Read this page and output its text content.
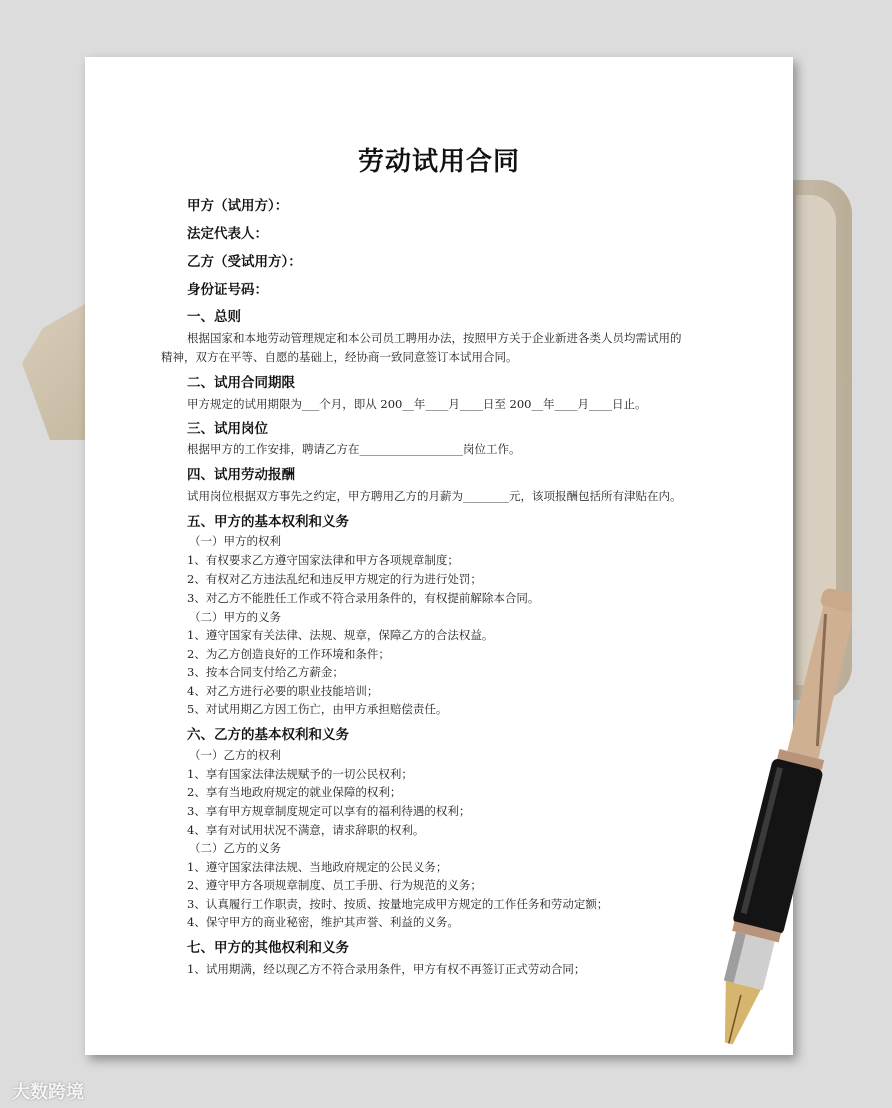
劳动试用合同
甲方（试用方）：
法定代表人：
乙方（受试用方）：
身份证号码：
一、总则
根据国家和本地劳动管理规定和本公司员工聘用办法，按照甲方关于企业新进各类人员均需试用的
精神，双方在平等、自愿的基础上，经协商一致同意签订本试用合同。
二、试用合同期限
甲方规定的试用期限为___个月，即从 200__年____月____日至 200__年____月____日止。
三、试用岗位
根据甲方的工作安排，聘请乙方在__________________岗位工作。
四、试用劳动报酬
试用岗位根据双方事先之约定，甲方聘用乙方的月薪为________元，该项报酬包括所有津贴在内。
五、甲方的基本权利和义务
（一）甲方的权利
1、有权要求乙方遵守国家法律和甲方各项规章制度；
2、有权对乙方违法乱纪和违反甲方规定的行为进行处罚；
3、对乙方不能胜任工作或不符合录用条件的，有权提前解除本合同。
（二）甲方的义务
1、遵守国家有关法律、法规、规章，保障乙方的合法权益。
2、为乙方创造良好的工作环境和条件；
3、按本合同支付给乙方薪金；
4、对乙方进行必要的职业技能培训；
5、对试用期乙方因工伤亡，由甲方承担赔偿责任。
六、乙方的基本权利和义务
（一）乙方的权利
1、享有国家法律法规赋予的一切公民权利；
2、享有当地政府规定的就业保障的权利；
3、享有甲方规章制度规定可以享有的福利待遇的权利；
4、享有对试用状况不满意，请求辞职的权利。
（二）乙方的义务
1、遵守国家法律法规、当地政府规定的公民义务；
2、遵守甲方各项规章制度、员工手册、行为规范的义务；
3、认真履行工作职责，按时、按质、按量地完成甲方规定的工作任务和劳动定额；
4、保守甲方的商业秘密，维护其声誉、利益的义务。
七、甲方的其他权利和义务
1、试用期满，经以现乙方不符合录用条件，甲方有权不再签订正式劳动合同；
大数跨境
